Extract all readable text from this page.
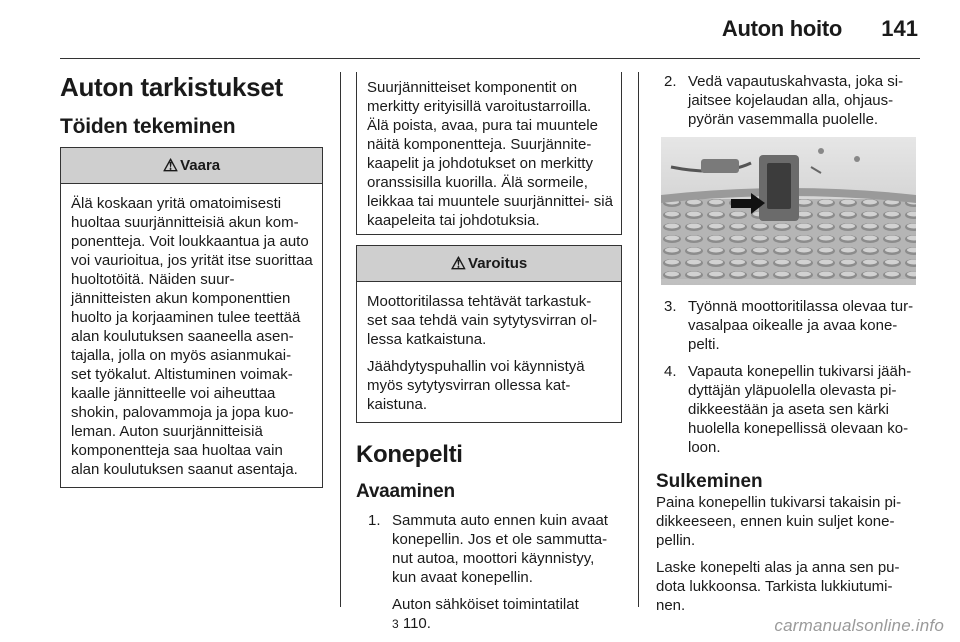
Auton hoito 141
Auton tarkistukset
Töiden tekeminen
⚠ Vaara

Älä koskaan yritä omatoimisesti huoltaa suurjännitteisiä akun kom- ponentteja. Voit loukkaantua ja auto voi vaurioitua, jos yrität itse suorittaa huoltotöitä. Näiden suur- jännitteisten akun komponenttien huolto ja korjaaminen tulee teettää alan koulutuksen saaneella asen- tajalla, jolla on myös asianmukai- set työkalut. Altistuminen voimak- kaalle jännitteelle voi aiheuttaa shokin, palovammoja ja jopa kuo- leman. Auton suurjännitteisiä komponentteja saa huoltaa vain alan koulutuksen saanut asentaja.

Suurjännitteiset komponentit on merkitty erityisillä varoitustarroilla. Älä poista, avaa, pura tai muuntele näitä komponentteja. Suurjännite- kaapelit ja johdotukset on merkitty oranssisilla kuorilla. Älä sormeile, leikkaa tai muuntele suurjännittei- siä kaapeleita tai johdotuksia.

⚠ Varoitus

Moottoritilassa tehtävät tarkastuk- set saa tehdä vain sytytysvirran ol- lessa katkaistuna.

Jäähdytyspuhallin voi käynnistyä myös sytytysvirran ollessa kat- kaistuna.

Konepelti
Avaaminen
1. Sammuta auto ennen kuin avaat konepellin. Jos et ole sammutta- nut autoa, moottori käynnistyy, kun avaat konepellin.

Auton sähköiset toimintatilat
3 110.

2. Vedä vapautuskahvasta, joka si- jaitsee kojelaudan alla, ohjaus- pyörän vasemmalla puolelle.

3. Työnnä moottoritilassa olevaa tur- vasalpaa oikealle ja avaa kone- pelti.

4. Vapauta konepellin tukivarsi jääh- dyttäjän yläpuolella olevasta pi- dikkeestään ja aseta sen kärki huolella konepellissä olevaan ko- loon.

Sulkeminen

Paina konepellin tukivarsi takaisin pi- dikkeeseen, ennen kuin suljet kone- pellin.

Laske konepelti alas ja anna sen pu- dota lukkoonsa. Tarkista lukkiutumi- nen.

carmanualsonline.info
